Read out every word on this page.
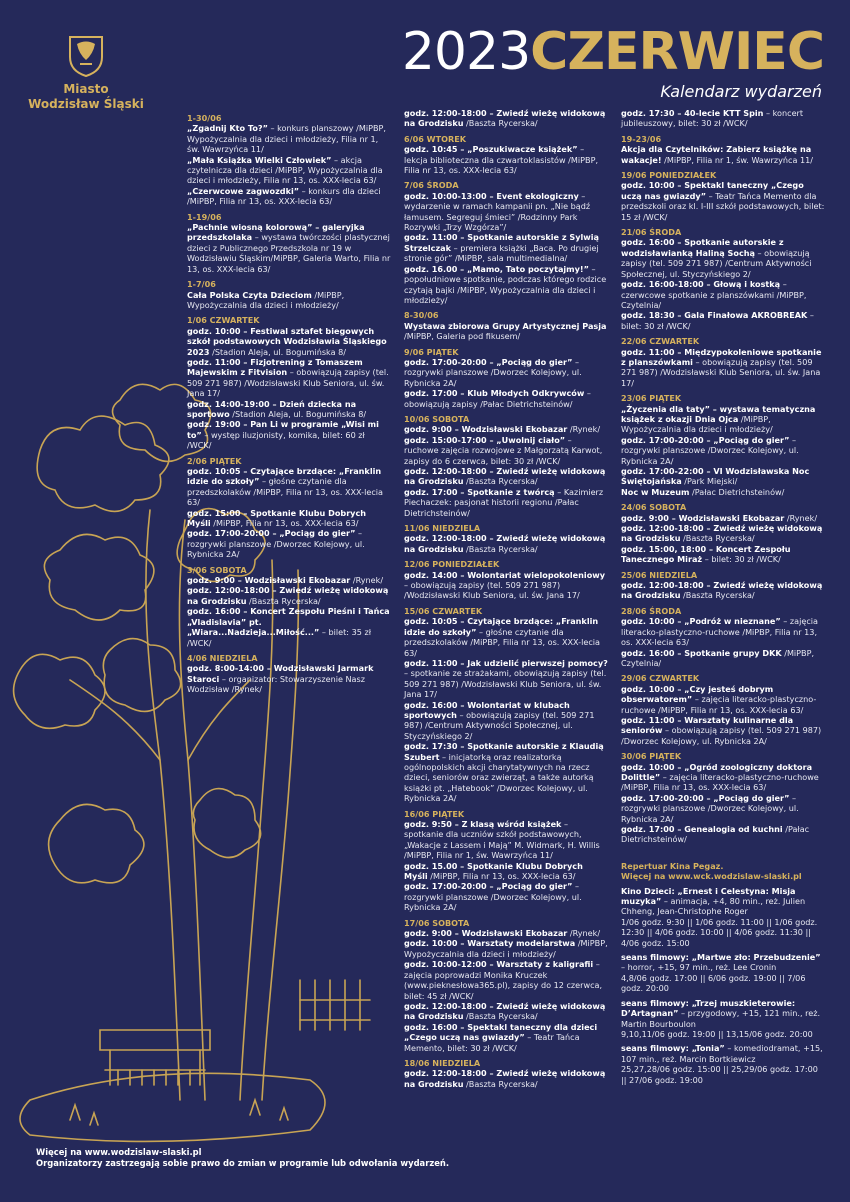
Miasto
Wodzisław Śląski
2023CZERWIEC
Kalendarz wydarzeń
1-30/06
„Zgadnij Kto To?” – konkurs planszowy /MiPBP, Wypożyczalnia dla dzieci i młodzieży, Filia nr 1, św. Wawrzyńca 11/
„Mała Książka Wielki Człowiek” – akcja czytelnicza dla dzieci /MiPBP, Wypożyczalnia dla dzieci i młodzieży, Filia nr 13, os. XXX-lecia 63/
„Czerwcowe zagwozdki” – konkurs dla dzieci /MiPBP, Filia nr 13, os. XXX-lecia 63/
1-19/06
„Pachnie wiosną kolorową” – galeryjka przedszkolaka – wystawa twórczości plastycznej dzieci z Publicznego Przedszkola nr 19 w Wodzisławiu Śląskim/MiPBP, Galeria Warto, Filia nr 13, os. XXX-lecia 63/
1-7/06
Cała Polska Czyta Dzieciom /MiPBP, Wypożyczalnia dla dzieci i młodzieży/
1/06 CZWARTEK
godz. 10:00 – Festiwal sztafet biegowych szkół podstawowych Wodzisławia Śląskiego 2023 /Stadion Aleja, ul. Bogumińska 8/
godz. 11:00 – Fizjotrening z Tomaszem Majewskim z Fitvision – obowiązują zapisy (tel. 509 271 987) /Wodzisławski Klub Seniora, ul. św. Jana 17/
godz. 14:00-19:00 – Dzień dziecka na sportowo /Stadion Aleja, ul. Bogumińska 8/
godz. 19:00 – Pan Li w programie „Wisi mi to” – występ iluzjonisty, komika, bilet: 60 zł /WCK/
2/06 PIĄTEK
godz. 10:05 – Czytające brzdące: „Franklin idzie do szkoły” – głośne czytanie dla przedszkolaków /MiPBP, Filia nr 13, os. XXX-lecia 63/
godz. 15:00 – Spotkanie Klubu Dobrych Myśli /MiPBP, Filia nr 13, os. XXX-lecia 63/
godz. 17:00-20:00 – „Pociąg do gier” – rozgrywki planszowe /Dworzec Kolejowy, ul. Rybnicka 2A/
3/06 SOBOTA
godz. 9:00 – Wodzisławski Ekobazar /Rynek/
godz. 12:00-18:00 – Zwiedź wieżę widokową na Grodzisku /Baszta Rycerska/
godz. 16:00 – Koncert Zespołu Pieśni i Tańca „Vladislavia” pt. „Wiara...Nadzieja...Miłość...” – bilet: 35 zł /WCK/
4/06 NIEDZIELA
godz. 8:00-14:00 – Wodzisławski Jarmark Staroci – organizator: Stowarzyszenie Nasz Wodzisław /Rynek/
godz. 12:00-18:00 – Zwiedź wieżę widokową na Grodzisku /Baszta Rycerska/
6/06 WTOREK
godz. 10:45 – „Poszukiwacze książek” – lekcja biblioteczna dla czwartoklasistów /MiPBP, Filia nr 13, os. XXX-lecia 63/
7/06 ŚRODA
godz. 10:00-13:00 – Event ekologiczny – wydarzenie w ramach kampanii pn. „Nie bądź łamusem. Segreguj śmieci” /Rodzinny Park Rozrywki „Trzy Wzgórza”/
godz. 11:00 – Spotkanie autorskie z Sylwią Strzelczak – premiera książki „Baca. Po drugiej stronie gór” /MiPBP, sala multimedialna/
godz. 16.00 – „Mamo, Tato poczytajmy!” – popołudniowe spotkanie, podczas którego rodzice czytają bajki /MiPBP, Wypożyczalnia dla dzieci i młodzieży/
8-30/06
Wystawa zbiorowa Grupy Artystycznej Pasja /MiPBP, Galeria pod fikusem/
9/06 PIĄTEK
godz. 17:00-20:00 – „Pociąg do gier” – rozgrywki planszowe /Dworzec Kolejowy, ul. Rybnicka 2A/
godz. 17:00 – Klub Młodych Odkrywców – obowiązują zapisy /Pałac Dietrichsteinów/
10/06 SOBOTA
godz. 9:00 – Wodzisławski Ekobazar /Rynek/
godz. 15:00-17:00 – „Uwolnij ciało” – ruchowe zajęcia rozwojowe z Małgorzatą Karwot, zapisy do 6 czerwca, bilet: 30 zł /WCK/
godz. 12:00-18:00 – Zwiedź wieżę widokową na Grodzisku /Baszta Rycerska/
godz. 17:00 – Spotkanie z twórcą – Kazimierz Piechaczek: pasjonat historii regionu /Pałac Dietrichsteinów/
11/06 NIEDZIELA
godz. 12:00-18:00 – Zwiedź wieżę widokową na Grodzisku /Baszta Rycerska/
12/06 PONIEDZIAŁEK
godz. 14:00 – Wolontariat wielopokoleniowy – obowiązują zapisy (tel. 509 271 987) /Wodzisławski Klub Seniora, ul. św. Jana 17/
15/06 CZWARTEK
godz. 10:05 – Czytające brzdące: „Franklin idzie do szkoły” – głośne czytanie dla przedszkolaków /MiPBP, Filia nr 13, os. XXX-lecia 63/
godz. 11:00 – Jak udzielić pierwszej pomocy? – spotkanie ze strażakami, obowiązują zapisy (tel. 509 271 987) /Wodzisławski Klub Seniora, ul. św. Jana 17/
godz. 16:00 – Wolontariat w klubach sportowych – obowiązują zapisy (tel. 509 271 987) /Centrum Aktywności Społecznej, ul. Styczyńskiego 2/
godz. 17:30 – Spotkanie autorskie z Klaudią Szubert – inicjatorką oraz realizatorką ogólnopolskich akcji charytatywnych na rzecz dzieci, seniorów oraz zwierząt, a także autorką książki pt. „Hatebook” /Dworzec Kolejowy, ul. Rybnicka 2A/
16/06 PIĄTEK
godz. 9:50 – Z klasą wśród książek – spotkanie dla uczniów szkół podstawowych, „Wakacje z Lassem i Mają” M. Widmark, H. Willis /MiPBP, Filia nr 1, św. Wawrzyńca 11/
godz. 15.00 – Spotkanie Klubu Dobrych Myśli /MiPBP, Filia nr 13, os. XXX-lecia 63/
godz. 17:00-20:00 – „Pociąg do gier” – rozgrywki planszowe /Dworzec Kolejowy, ul. Rybnicka 2A/
17/06 SOBOTA
godz. 9:00 – Wodzisławski Ekobazar /Rynek/
godz. 10:00 – Warsztaty modelarstwa /MiPBP, Wypożyczalnia dla dzieci i młodzieży/
godz. 10:00-12:00 – Warsztaty z kaligrafii – zajęcia poprowadzi Monika Kruczek (www.pieknesłowa365.pl), zapisy do 12 czerwca, bilet: 45 zł /WCK/
godz. 12:00-18:00 – Zwiedź wieżę widokową na Grodzisku /Baszta Rycerska/
godz. 16:00 – Spektakl taneczny dla dzieci „Czego uczą nas gwiazdy” – Teatr Tańca Memento, bilet: 30 zł /WCK/
18/06 NIEDZIELA
godz. 12:00-18:00 – Zwiedź wieżę widokową na Grodzisku /Baszta Rycerska/
godz. 17:30 – 40-lecie KTT Spin – koncert jubileuszowy, bilet: 30 zł /WCK/
19-23/06
Akcja dla Czytelników: Zabierz książkę na wakacje! /MiPBP, Filia nr 1, św. Wawrzyńca 11/
19/06 PONIEDZIAŁEK
godz. 10:00 – Spektakl taneczny „Czego uczą nas gwiazdy” – Teatr Tańca Memento dla przedszkoli oraz kl. I-III szkół podstawowych, bilet: 15 zł /WCK/
21/06 ŚRODA
godz. 16:00 – Spotkanie autorskie z wodzisławianką Haliną Sochą – obowiązują zapisy (tel. 509 271 987) /Centrum Aktywności Społecznej, ul. Styczyńskiego 2/
godz. 16:00-18:00 – Głową i kostką – czerwcowe spotkanie z planszówkami /MiPBP, Czytelnia/
godz. 18:30 – Gala Finałowa AKROBREAK – bilet: 30 zł /WCK/
22/06 CZWARTEK
godz. 11:00 – Międzypokoleniowe spotkanie z planszówkami – obowiązują zapisy (tel. 509 271 987) /Wodzisławski Klub Seniora, ul. św. Jana 17/
23/06 PIĄTEK
„Życzenia dla taty” – wystawa tematyczna książek z okazji Dnia Ojca /MiPBP, Wypożyczalnia dla dzieci i młodzieży/
godz. 17:00-20:00 – „Pociąg do gier” – rozgrywki planszowe /Dworzec Kolejowy, ul. Rybnicka 2A/
godz. 17:00-22:00 – VI Wodzisławska Noc Świętojańska /Park Miejski/
Noc w Muzeum /Pałac Dietrichsteinów/
24/06 SOBOTA
godz. 9:00 – Wodzisławski Ekobazar /Rynek/
godz. 12:00-18:00 – Zwiedź wieżę widokową na Grodzisku /Baszta Rycerska/
godz. 15:00, 18:00 – Koncert Zespołu Tanecznego Miraż – bilet: 30 zł /WCK/
25/06 NIEDZIELA
godz. 12:00-18:00 – Zwiedź wieżę widokową na Grodzisku /Baszta Rycerska/
28/06 ŚRODA
godz. 10:00 – „Podróż w nieznane” – zajęcia literacko-plastyczno-ruchowe /MiPBP, Filia nr 13, os. XXX-lecia 63/
godz. 16:00 – Spotkanie grupy DKK /MiPBP, Czytelnia/
29/06 CZWARTEK
godz. 10:00 – „Czy jesteś dobrym obserwatorem” – zajęcia literacko-plastyczno-ruchowe /MiPBP, Filia nr 13, os. XXX-lecia 63/
godz. 11:00 – Warsztaty kulinarne dla seniorów – obowiązują zapisy (tel. 509 271 987) /Dworzec Kolejowy, ul. Rybnicka 2A/
30/06 PIĄTEK
godz. 10:00 – „Ogród zoologiczny doktora Dolittle” – zajęcia literacko-plastyczno-ruchowe /MiPBP, Filia nr 13, os. XXX-lecia 63/
godz. 17:00-20:00 – „Pociąg do gier” – rozgrywki planszowe /Dworzec Kolejowy, ul. Rybnicka 2A/
godz. 17:00 – Genealogia od kuchni /Pałac Dietrichsteinów/
Repertuar Kina Pegaz.
Więcej na www.wck.wodzislaw-slaski.pl
Kino Dzieci: „Ernest i Celestyna: Misja muzyka” – animacja, +4, 80 min., reż. Julien Chheng, Jean-Christophe Roger
1/06 godz. 9:30 || 1/06 godz. 11:00 || 1/06 godz. 12:30 || 4/06 godz. 10:00 || 4/06 godz. 11:30 || 4/06 godz. 15:00
seans filmowy: „Martwe zło: Przebudzenie” – horror, +15, 97 min., reż. Lee Cronin
4,8/06 godz. 17:00 || 6/06 godz. 19:00 || 7/06 godz. 20:00
seans filmowy: „Trzej muszkieterowie: D’Artagnan” – przygodowy, +15, 121 min., reż. Martin Bourboulon
9,10,11/06 godz. 19:00 || 13,15/06 godz. 20:00
seans filmowy: „Tonia” – komediodramat, +15, 107 min., reż. Marcin Bortkiewicz
25,27,28/06 godz. 15:00 || 25,29/06 godz. 17:00 || 27/06 godz. 19:00
Więcej na www.wodzislaw-slaski.pl
Organizatorzy zastrzegają sobie prawo do zmian w programie lub odwołania wydarzeń.
